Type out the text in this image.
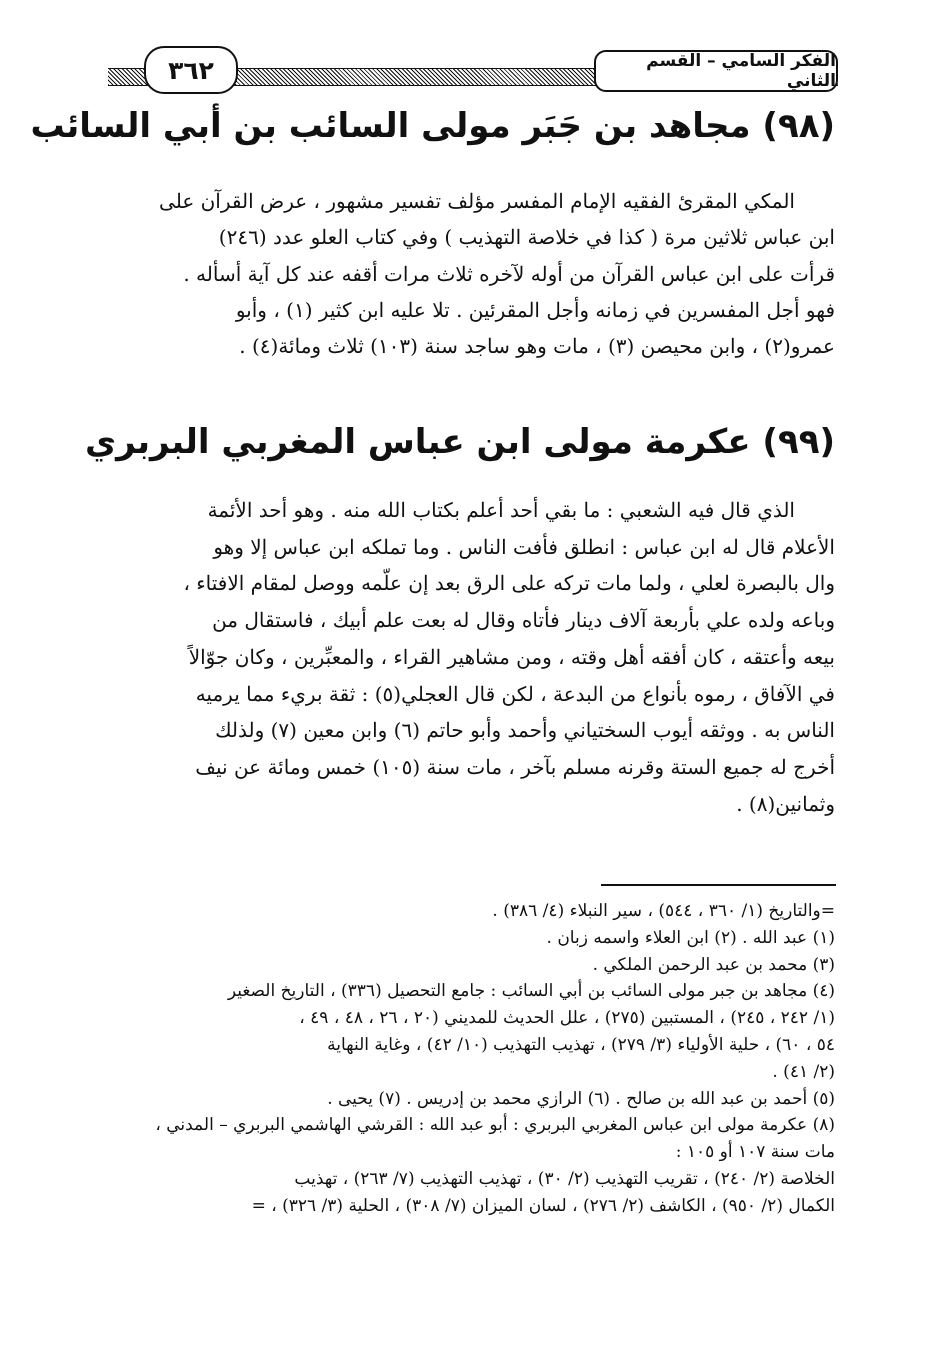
الفكر السامي – القسم الثاني
٣٦٢
(٩٨) مجاهد بن جَبَر مولى السائب بن أبي السائب
المكي المقرئ الفقيه الإمام المفسر مؤلف تفسير مشهور ، عرض القرآن على
ابن عباس ثلاثين مرة ( كذا في خلاصة التهذيب ) وفي كتاب العلو عدد (٢٤٦)
قرأت على ابن عباس القرآن من أوله لآخره ثلاث مرات أقفه عند كل آية أسأله .
فهو أجل المفسرين في زمانه وأجل المقرئين . تلا عليه ابن كثير (١) ، وأبو
عمرو(٢) ، وابن محيصن (٣) ، مات وهو ساجد سنة (١٠٣) ثلاث ومائة(٤) .
(٩٩) عكرمة مولى ابن عباس المغربي البربري
الذي قال فيه الشعبي : ما بقي أحد أعلم بكتاب الله منه . وهو أحد الأئمة
الأعلام قال له ابن عباس : انطلق فأفت الناس . وما تملكه ابن عباس إلا وهو
وال بالبصرة لعلي ، ولما مات تركه على الرق بعد إن علّمه ووصل لمقام الافتاء ،
وباعه ولده علي بأربعة آلاف دينار فأتاه وقال له بعت علم أبيك ، فاستقال من
بيعه وأعتقه ، كان أفقه أهل وقته ، ومن مشاهير القراء ، والمعبِّرين ، وكان جوّالاً
في الآفاق ، رموه بأنواع من البدعة ، لكن قال العجلي(٥) : ثقة بريء مما يرميه
الناس به . ووثقه أيوب السختياني وأحمد وأبو حاتم (٦) وابن معين (٧) ولذلك
أخرج له جميع الستة وقرنه مسلم بآخر ، مات سنة (١٠٥) خمس ومائة عن نيف
وثمانين(٨) .
=والتاريخ (١/ ٣٦٠ ، ٥٤٤) ، سير النبلاء (٤/ ٣٨٦) .
(١) عبد الله . (٢) ابن العلاء واسمه زبان .
(٣) محمد بن عبد الرحمن الملكي .
(٤) مجاهد بن جبر مولى السائب بن أبي السائب : جامع التحصيل (٣٣٦) ، التاريخ الصغير
(١/ ٢٤٢ ، ٢٤٥) ، المستبين (٢٧٥) ، علل الحديث للمديني (٢٠ ، ٢٦ ، ٤٨ ، ٤٩ ،
٥٤ ، ٦٠) ، حلية الأولياء (٣/ ٢٧٩) ، تهذيب التهذيب (١٠/ ٤٢) ، وغاية النهاية
(٢/ ٤١) .
(٥) أحمد بن عبد الله بن صالح . (٦) الرازي محمد بن إدريس . (٧) يحيى .
(٨) عكرمة مولى ابن عباس المغربي البربري : أبو عبد الله : القرشي الهاشمي البربري – المدني ،
مات سنة ١٠٧ أو ١٠٥ :
الخلاصة (٢/ ٢٤٠) ، تقريب التهذيب (٢/ ٣٠) ، تهذيب التهذيب (٧/ ٢٦٣) ، تهذيب
الكمال (٢/ ٩٥٠) ، الكاشف (٢/ ٢٧٦) ، لسان الميزان (٧/ ٣٠٨) ، الحلية (٣/ ٣٢٦) ، =
